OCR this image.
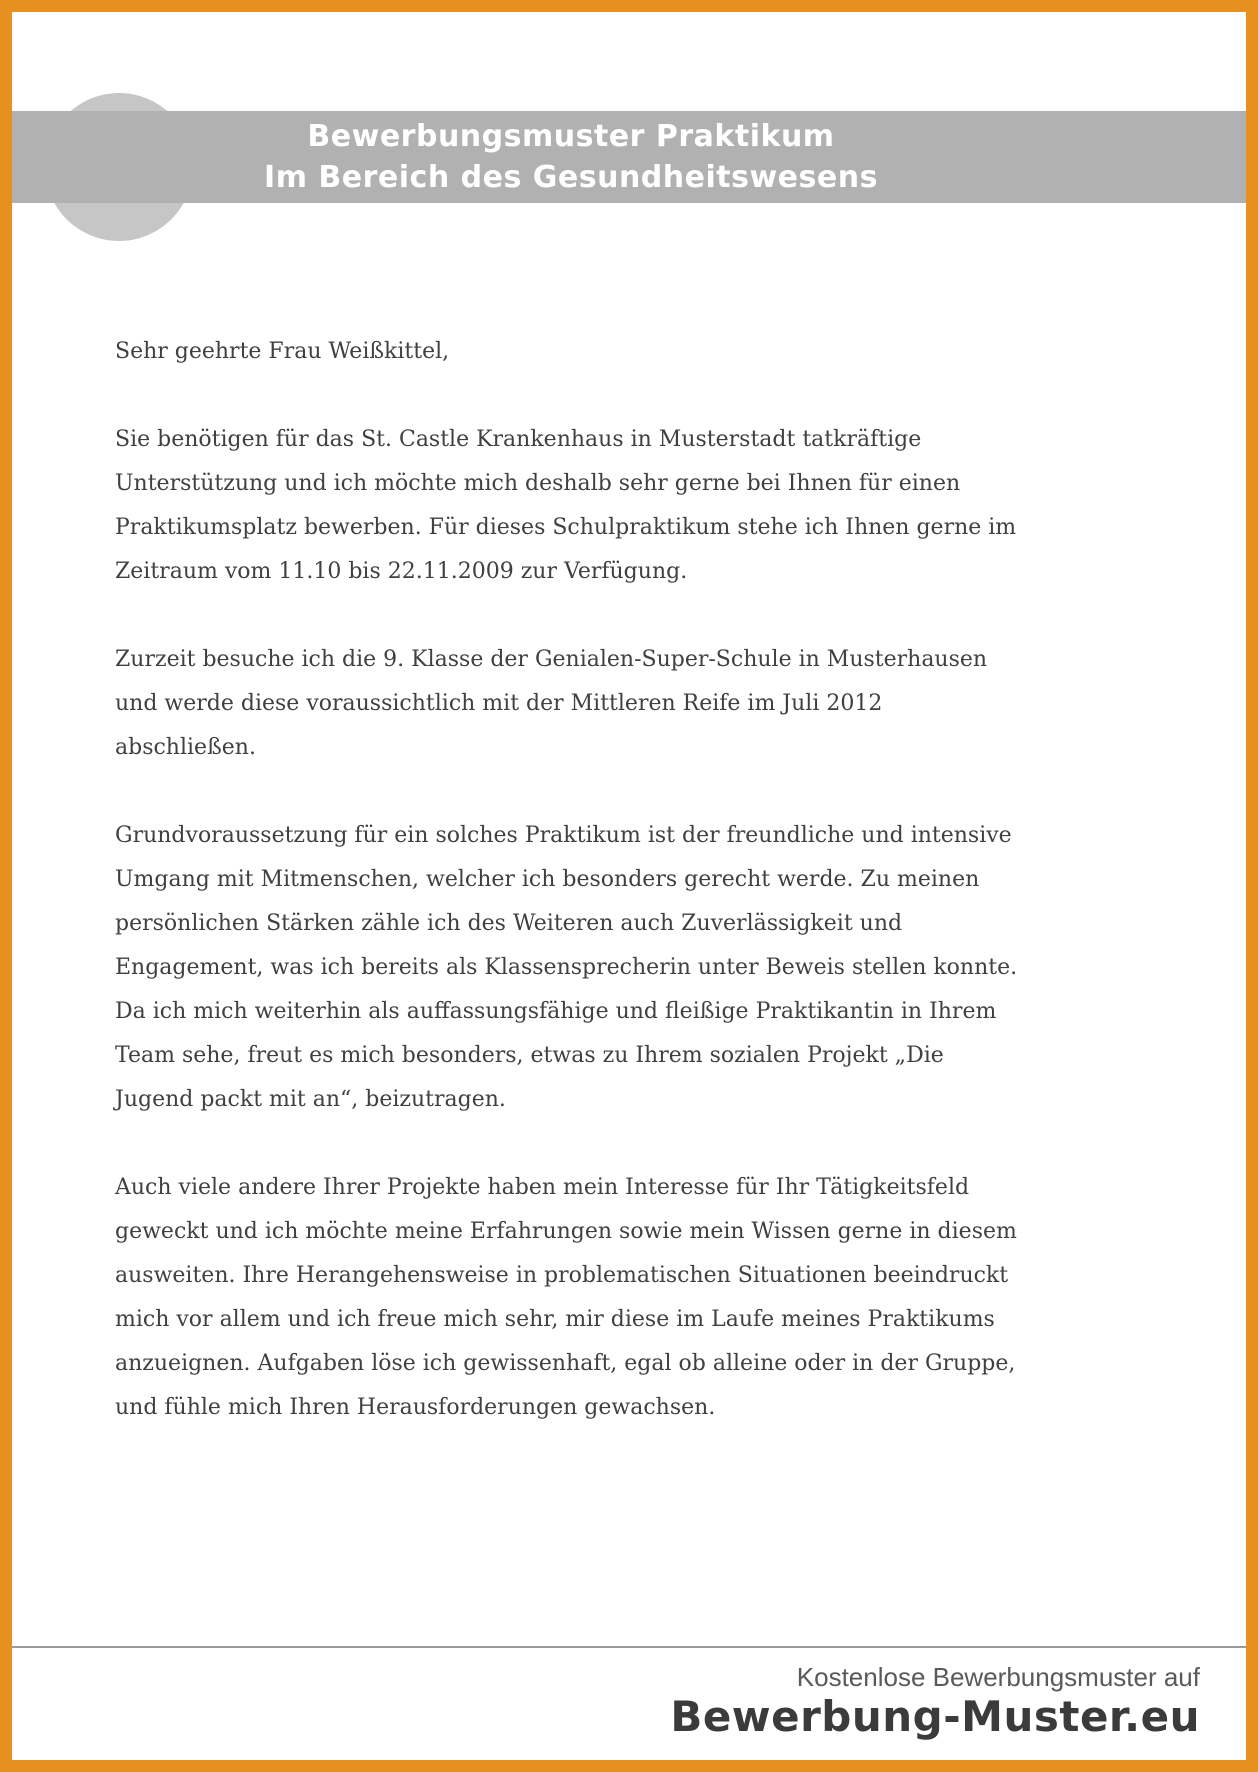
Bewerbungsmuster Praktikum
Im Bereich des Gesundheitswesens

Sehr geehrte Frau Weißkittel,

Sie benötigen für das St. Castle Krankenhaus in Musterstadt tatkräftige Unterstützung und ich möchte mich deshalb sehr gerne bei Ihnen für einen Praktikumsplatz bewerben. Für dieses Schulpraktikum stehe ich Ihnen gerne im Zeitraum vom 11.10 bis 22.11.2009 zur Verfügung.

Zurzeit besuche ich die 9. Klasse der Genialen-Super-Schule in Musterhausen und werde diese voraussichtlich mit der Mittleren Reife im Juli 2012 abschließen.

Grundvoraussetzung für ein solches Praktikum ist der freundliche und intensive Umgang mit Mitmenschen, welcher ich besonders gerecht werde. Zu meinen persönlichen Stärken zähle ich des Weiteren auch Zuverlässigkeit und Engagement, was ich bereits als Klassensprecherin unter Beweis stellen konnte. Da ich mich weiterhin als auffassungsfähige und fleißige Praktikantin in Ihrem Team sehe, freut es mich besonders, etwas zu Ihrem sozialen Projekt „Die Jugend packt mit an“, beizutragen.

Auch viele andere Ihrer Projekte haben mein Interesse für Ihr Tätigkeitsfeld geweckt und ich möchte meine Erfahrungen sowie mein Wissen gerne in diesem ausweiten. Ihre Herangehensweise in problematischen Situationen beeindruckt mich vor allem und ich freue mich sehr, mir diese im Laufe meines Praktikums anzueignen. Aufgaben löse ich gewissenhaft, egal ob alleine oder in der Gruppe, und fühle mich Ihren Herausforderungen gewachsen.

Kostenlose Bewerbungsmuster auf
Bewerbung-Muster.eu
